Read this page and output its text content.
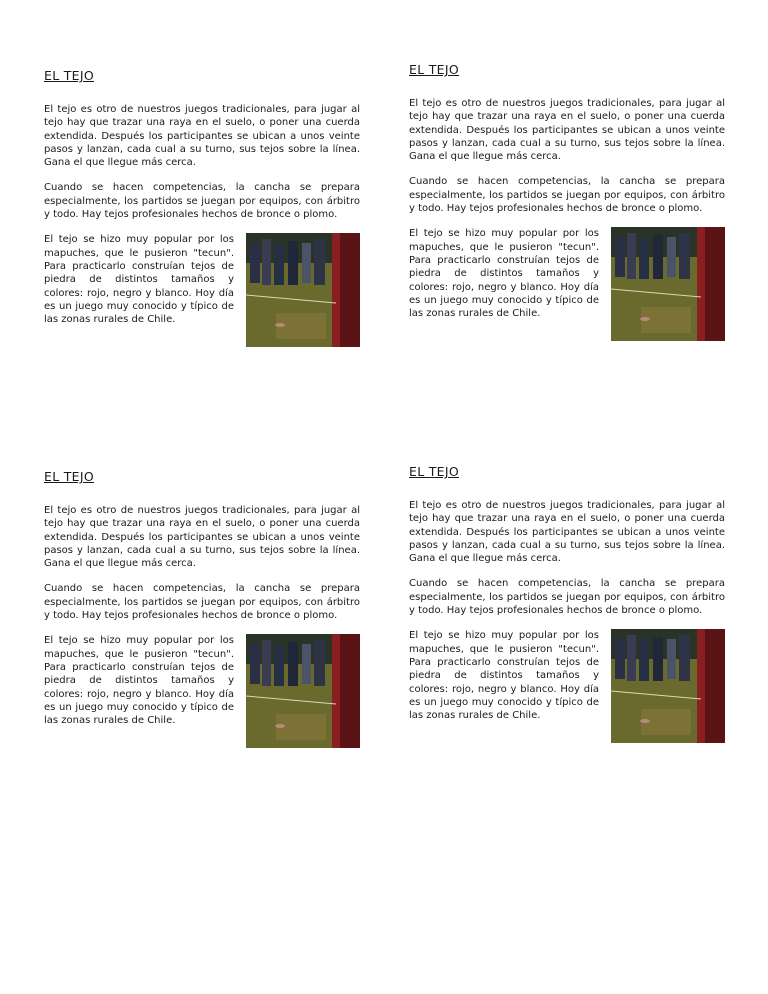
EL TEJO

El tejo es otro de nuestros juegos tradicionales, para jugar al tejo hay que trazar una raya en el suelo, o poner una cuerda extendida. Después los participantes se ubican a unos veinte pasos y lanzan, cada cual a su turno, sus tejos sobre la línea. Gana el que llegue más cerca.

Cuando se hacen competencias, la cancha se prepara especialmente, los partidos se juegan por equipos, con árbitro y todo. Hay tejos profesionales hechos de bronce o plomo.

El tejo se hizo muy popular por los mapuches, que le pusieron "tecun". Para practicarlo construían tejos de piedra de distintos tamaños y colores: rojo, negro y blanco. Hoy día es un juego muy conocido y típico de las zonas rurales de Chile.

EL TEJO

El tejo es otro de nuestros juegos tradicionales, para jugar al tejo hay que trazar una raya en el suelo, o poner una cuerda extendida. Después los participantes se ubican a unos veinte pasos y lanzan, cada cual a su turno, sus tejos sobre la línea. Gana el que llegue más cerca.

Cuando se hacen competencias, la cancha se prepara especialmente, los partidos se juegan por equipos, con árbitro y todo. Hay tejos profesionales hechos de bronce o plomo.

El tejo se hizo muy popular por los mapuches, que le pusieron "tecun". Para practicarlo construían tejos de piedra de distintos tamaños y colores: rojo, negro y blanco. Hoy día es un juego muy conocido y típico de las zonas rurales de Chile.

EL TEJO

El tejo es otro de nuestros juegos tradicionales, para jugar al tejo hay que trazar una raya en el suelo, o poner una cuerda extendida. Después los participantes se ubican a unos veinte pasos y lanzan, cada cual a su turno, sus tejos sobre la línea. Gana el que llegue más cerca.

Cuando se hacen competencias, la cancha se prepara especialmente, los partidos se juegan por equipos, con árbitro y todo. Hay tejos profesionales hechos de bronce o plomo.

El tejo se hizo muy popular por los mapuches, que le pusieron "tecun". Para practicarlo construían tejos de piedra de distintos tamaños y colores: rojo, negro y blanco. Hoy día es un juego muy conocido y típico de las zonas rurales de Chile.

EL TEJO

El tejo es otro de nuestros juegos tradicionales, para jugar al tejo hay que trazar una raya en el suelo, o poner una cuerda extendida. Después los participantes se ubican a unos veinte pasos y lanzan, cada cual a su turno, sus tejos sobre la línea. Gana el que llegue más cerca.

Cuando se hacen competencias, la cancha se prepara especialmente, los partidos se juegan por equipos, con árbitro y todo. Hay tejos profesionales hechos de bronce o plomo.

El tejo se hizo muy popular por los mapuches, que le pusieron "tecun". Para practicarlo construían tejos de piedra de distintos tamaños y colores: rojo, negro y blanco. Hoy día es un juego muy conocido y típico de las zonas rurales de Chile.
